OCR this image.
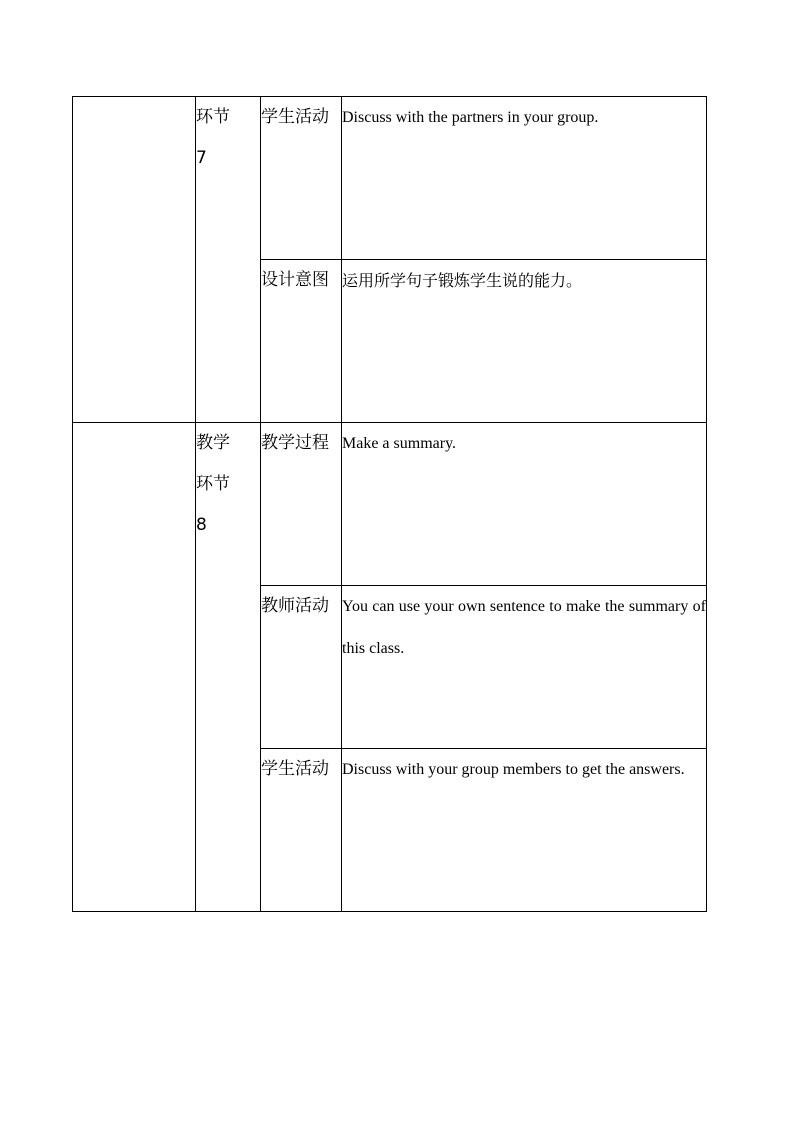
	环节7	学生活动	Discuss with the partners in your group.

		设计意图	运用所学句子锻炼学生说的能力。

	教学环节8	教学过程	Make a summary.

		教师活动	You can use your own sentence to make the summary of this class.

		学生活动	Discuss with your group members to get the answers.
